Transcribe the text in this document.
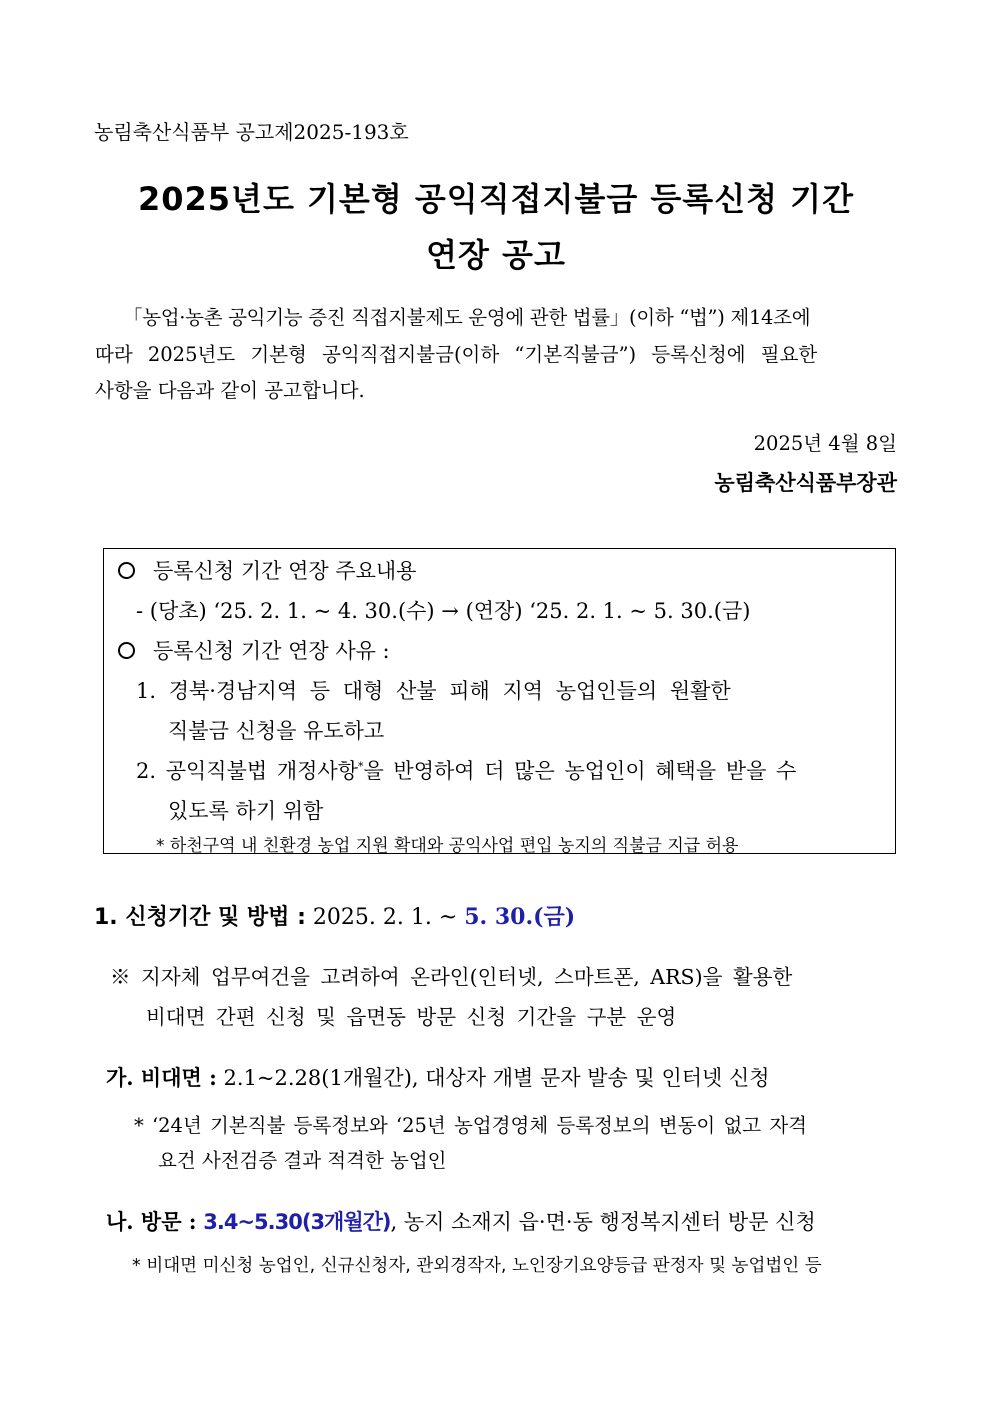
농림축산식품부 공고제2025-193호
2025년도 기본형 공익직접지불금 등록신청 기간
연장 공고
「농업·농촌 공익기능 증진 직접지불제도 운영에 관한 법률」(이하 “법”) 제14조에
따라 2025년도 기본형 공익직접지불금(이하 “기본직불금”) 등록신청에 필요한
사항을 다음과 같이 공고합니다.
2025년 4월 8일
농림축산식품부장관
등록신청 기간 연장 주요내용
- (당초) ‘25. 2. 1. ~ 4. 30.(수) → (연장) ‘25. 2. 1. ~ 5. 30.(금)
등록신청 기간 연장 사유 :
1. 경북·경남지역 등 대형 산불 피해 지역 농업인들의 원활한
직불금 신청을 유도하고
2. 공익직불법 개정사항*을 반영하여 더 많은 농업인이 혜택을 받을 수
있도록 하기 위함
* 하천구역 내 친환경 농업 지원 확대와 공익사업 편입 농지의 직불금 지급 허용
1. 신청기간 및 방법 : 2025. 2. 1. ~ 5. 30.(금)
※ 지자체 업무여건을 고려하여 온라인(인터넷, 스마트폰, ARS)을 활용한
비대면 간편 신청 및 읍면동 방문 신청 기간을 구분 운영
가. 비대면 : 2.1~2.28(1개월간), 대상자 개별 문자 발송 및 인터넷 신청
* ‘24년 기본직불 등록정보와 ‘25년 농업경영체 등록정보의 변동이 없고 자격
요건 사전검증 결과 적격한 농업인
나. 방문 : 3.4~5.30(3개월간), 농지 소재지 읍·면·동 행정복지센터 방문 신청
* 비대면 미신청 농업인, 신규신청자, 관외경작자, 노인장기요양등급 판정자 및 농업법인 등
